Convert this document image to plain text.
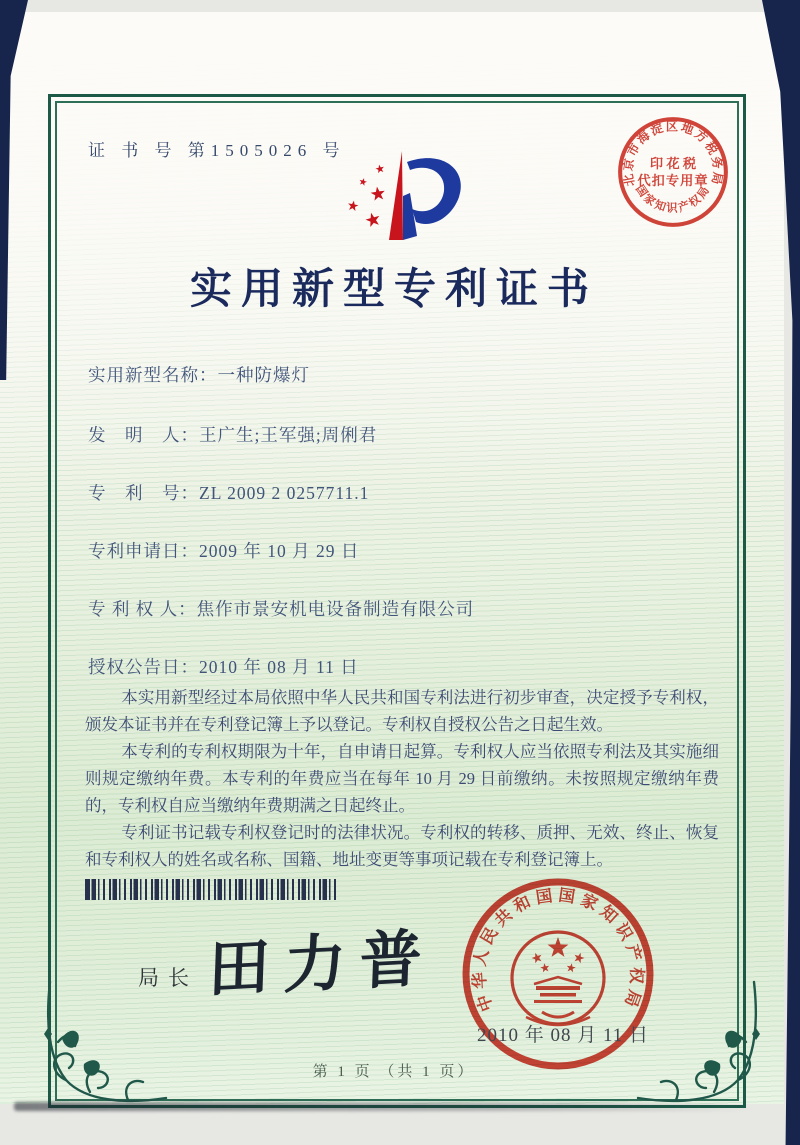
证 书 号 第1505026 号
北京市海淀区地方税务局
国家知识产权局
印 花 税
代扣专用章
实用新型专利证书
实用新型名称：一种防爆灯
发　明　人：王广生;王军强;周俐君
专　利　号：ZL 2009 2 0257711.1
专利申请日：2009 年 10 月 29 日
专 利 权 人：焦作市景安机电设备制造有限公司
授权公告日：2010 年 08 月 11 日

本实用新型经过本局依照中华人民共和国专利法进行初步审查，决定授予专利权，颁发本证书并在专利登记簿上予以登记。专利权自授权公告之日起生效。

本专利的专利权期限为十年，自申请日起算。专利权人应当依照专利法及其实施细则规定缴纳年费。本专利的年费应当在每年 10 月 29 日前缴纳。未按照规定缴纳年费的，专利权自应当缴纳年费期满之日起终止。

专利证书记载专利权登记时的法律状况。专利权的转移、质押、无效、终止、恢复和专利权人的姓名或名称、国籍、地址变更等事项记载在专利登记簿上。

局长 田力普 中华人民共和国国家知识产权局
2010 年 08 月 11 日
第 1 页 （共 1 页）
